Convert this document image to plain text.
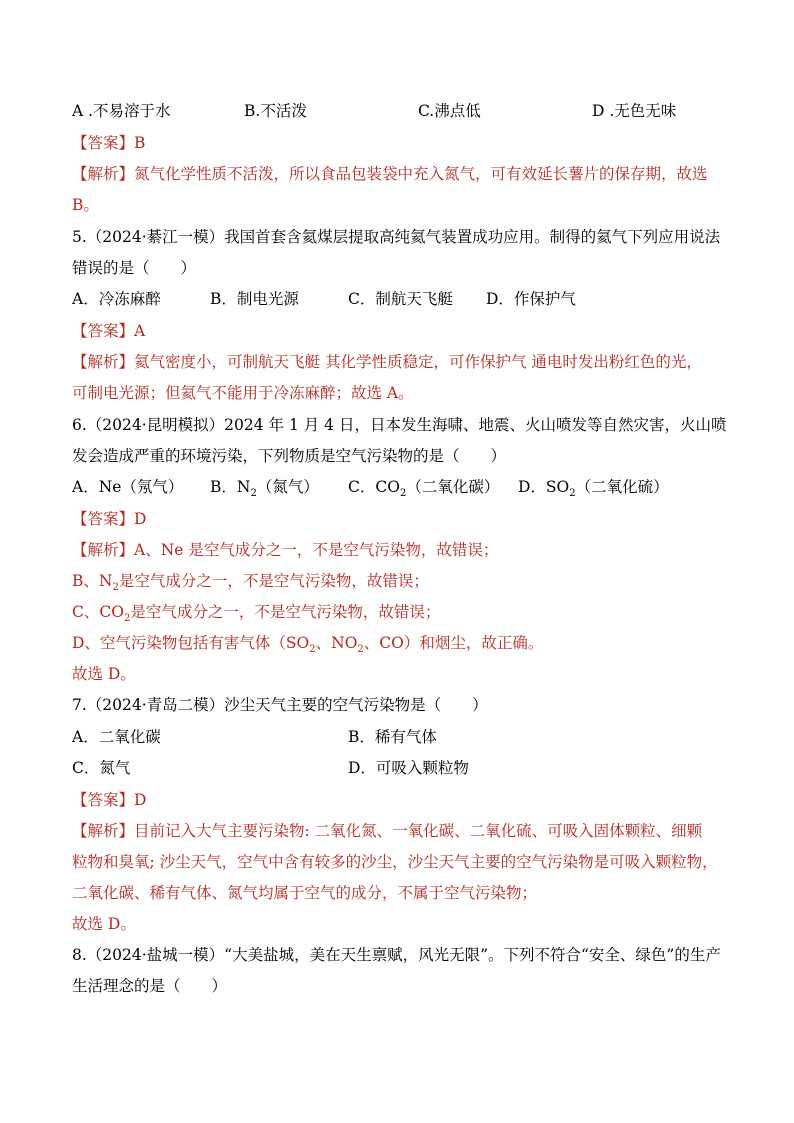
A .不易溶于水	B.不活泼	C.沸点低	D .无色无味
【答案】B
【解析】氮气化学性质不活泼，所以食品包装袋中充入氮气，可有效延长薯片的保存期，故选
B。
5.（2024·綦江一模）我国首套含氦煤层提取高纯氦气装置成功应用。制得的氦气下列应用说法
错误的是（　　）
A．冷冻麻醉	B．制电光源	C．制航天飞艇 D．作保护气
【答案】A
【解析】氦气密度小，可制航天飞艇 其化学性质稳定，可作保护气 通电时发出粉红色的光，
可制电光源；但氦气不能用于冷冻麻醉；故选 A。
6.（2024·昆明模拟）2024 年 1 月 4 日，日本发生海啸、地震、火山喷发等自然灾害，火山喷
发会造成严重的环境污染，下列物质是空气污染物的是（　　）
A．Ne（氖气） B．$N_2$（氮气） C．$CO_2$（二氧化碳） D．$SO_2$（二氧化硫）
【答案】D
【解析】A、Ne 是空气成分之一，不是空气污染物，故错误；
B、$N_2$是空气成分之一，不是空气污染物，故错误；
C、$CO_2$是空气成分之一，不是空气污染物，故错误；
D、空气污染物包括有害气体（$SO_2$、$NO_2$、CO）和烟尘，故正确。
故选 D。
7.（2024·青岛二模）沙尘天气主要的空气污染物是（　　）
A．二氧化碳	B．稀有气体
C．氮气	D．可吸入颗粒物
【答案】D
【解析】目前记入大气主要污染物: 二氧化氮、一氧化碳、二氧化硫、可吸入固体颗粒、细颗
粒物和臭氧; 沙尘天气，空气中含有较多的沙尘，沙尘天气主要的空气污染物是可吸入颗粒物，
二氧化碳、稀有气体、氮气均属于空气的成分，不属于空气污染物；
故选 D。
8.（2024·盐城一模）“大美盐城，美在天生禀赋，风光无限”。下列不符合“安全、绿色”的生产
生活理念的是（　　）
